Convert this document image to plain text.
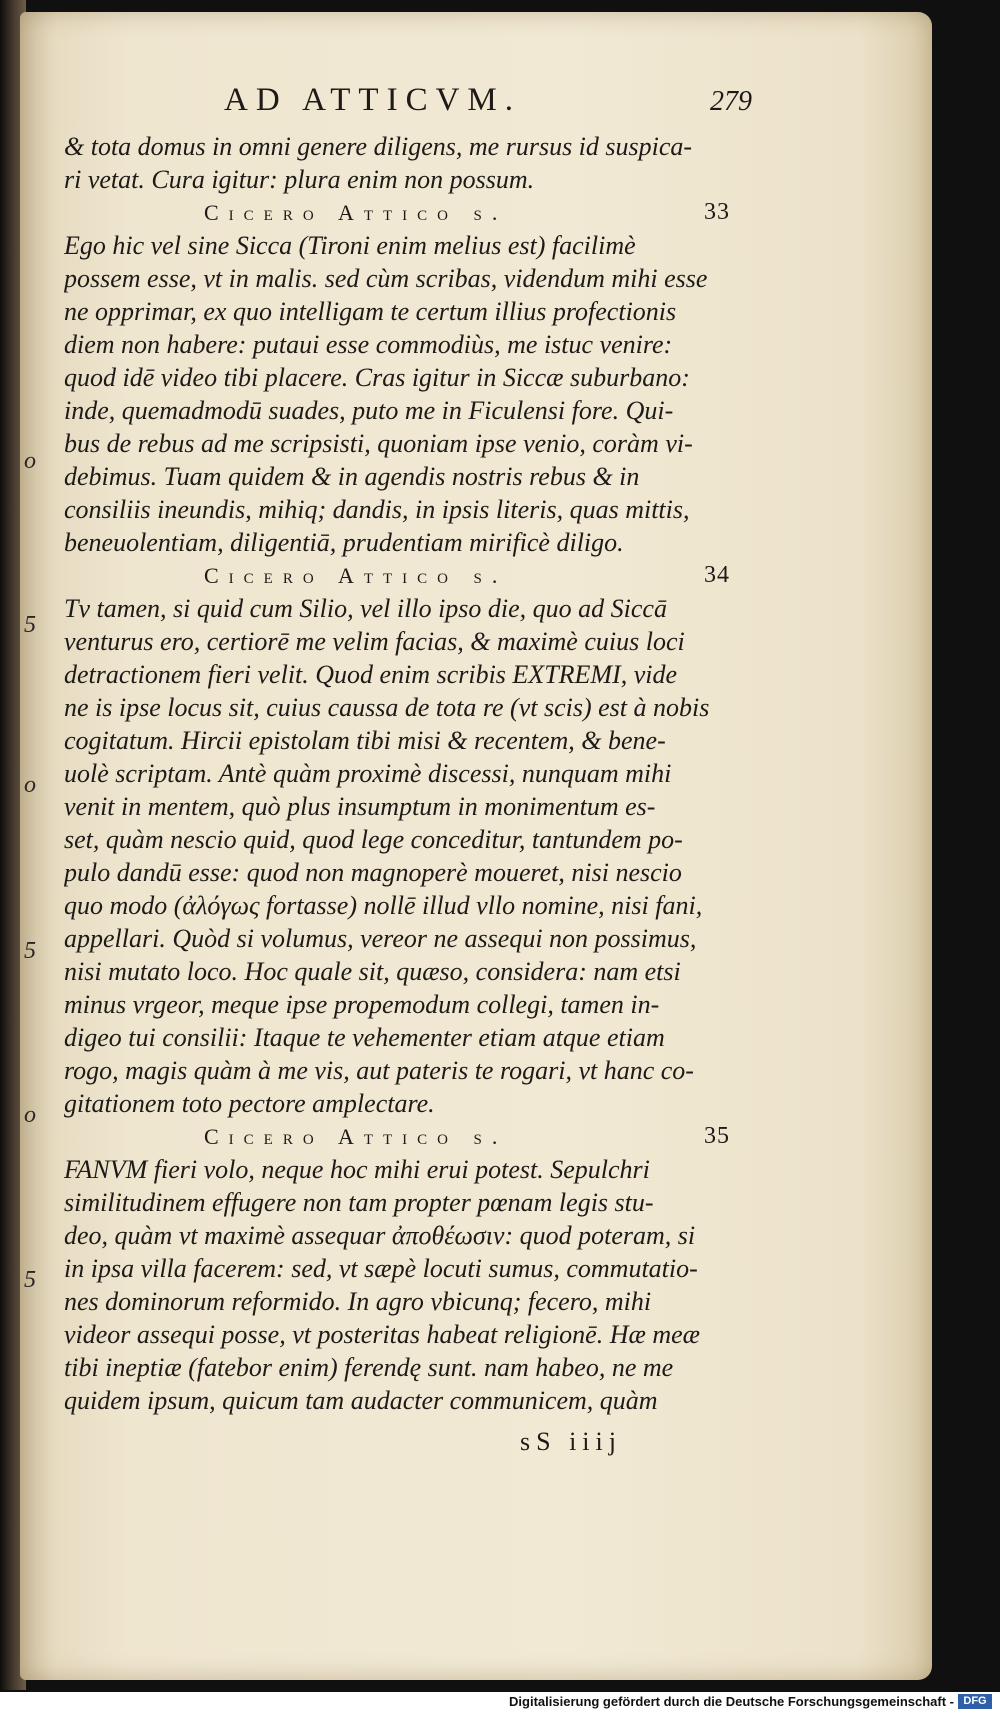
o
5
o
5
o
5
AD ATTICVM.	279
& tota domus in omni genere diligens, me rursus id suspica-
ri vetat. Cura igitur: plura enim non possum.
Cicero Attico s.	33
Ego hic vel sine Sicca (Tironi enim melius est) facilimè
possem esse, vt in malis. sed cùm scribas, videndum mihi esse
ne opprimar, ex quo intelligam te certum illius profectionis
diem non habere: putaui esse commodiùs, me istuc venire:
quod idē video tibi placere. Cras igitur in Siccæ suburbano:
inde, quemadmodū suades, puto me in Ficulensi fore. Qui-
bus de rebus ad me scripsisti, quoniam ipse venio, coràm vi-
debimus. Tuam quidem & in agendis nostris rebus & in
consiliis ineundis, mihiq; dandis, in ipsis literis, quas mittis,
beneuolentiam, diligentiā, prudentiam mirificè diligo.
Cicero Attico s.	34
Tv tamen, si quid cum Silio, vel illo ipso die, quo ad Siccā
venturus ero, certiorē me velim facias, & maximè cuius loci
detractionem fieri velit. Quod enim scribis EXTREMI, vide
ne is ipse locus sit, cuius caussa de tota re (vt scis) est à nobis
cogitatum. Hircii epistolam tibi misi & recentem, & bene-
uolè scriptam. Antè quàm proximè discessi, nunquam mihi
venit in mentem, quò plus insumptum in monimentum es-
set, quàm nescio quid, quod lege conceditur, tantundem po-
pulo dandū esse: quod non magnoperè moueret, nisi nescio
quo modo (ἀλόγως fortasse) nollē illud vllo nomine, nisi fani,
appellari. Quòd si volumus, vereor ne assequi non possimus,
nisi mutato loco. Hoc quale sit, quæso, considera: nam etsi
minus vrgeor, meque ipse propemodum collegi, tamen in-
digeo tui consilii: Itaque te vehementer etiam atque etiam
rogo, magis quàm à me vis, aut pateris te rogari, vt hanc co-
gitationem toto pectore amplectare.
Cicero Attico s.	35
FANVM fieri volo, neque hoc mihi erui potest. Sepulchri
similitudinem effugere non tam propter pœnam legis stu-
deo, quàm vt maximè assequar ἀποθέωσιν: quod poteram, si
in ipsa villa facerem: sed, vt sæpè locuti sumus, commutatio-
nes dominorum reformido. In agro vbicunq; fecero, mihi
videor assequi posse, vt posteritas habeat religionē. Hæ meæ
tibi ineptiæ (fatebor enim) ferendę sunt. nam habeo, ne me
quidem ipsum, quicum tam audacter communicem, quàm
sS iiij
Digitalisierung gefördert durch die Deutsche Forschungsgemeinschaft - DFG
